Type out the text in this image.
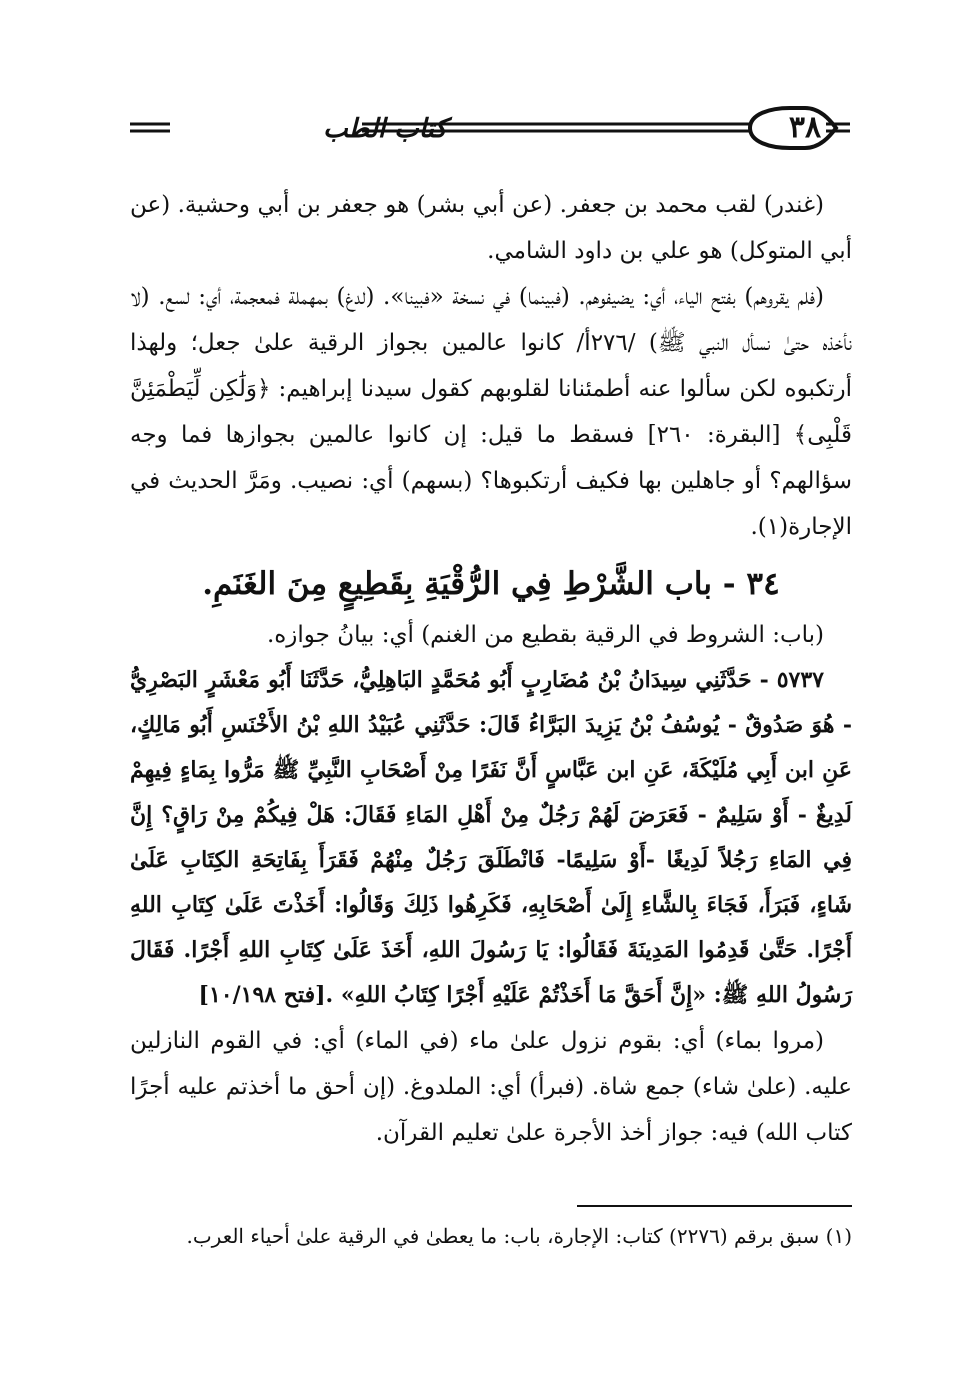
٣٨
كتاب الطب

(غندر) لقب محمد بن جعفر. (عن أبي بشر) هو جعفر بن أبي وحشية. (عن أبي المتوكل) هو علي بن داود الشامي.

(فلم يقروهم) بفتح الياء، أي: يضيفوهم. (فبينما) في نسخة «فبينا». (لدغ) بمهملة فمعجمة، أي: لسع. (لا نأخذه حتىٰ نسأل النبي ﷺ) /٢٧٦أ/ كانوا عالمين بجواز الرقية علىٰ جعل؛ ولهذا أرتكبوه لكن سألوا عنه أطمئنانا لقلوبهم كقول سيدنا إبراهيم: ﴿وَلَٰكِن لِّيَطْمَئِنَّ قَلْبِى﴾ [البقرة: ٢٦٠] فسقط ما قيل: إن كانوا عالمين بجوازها فما وجه سؤالهم؟ أو جاهلين بها فكيف أرتكبوها؟ (بسهم) أي: نصيب. ومَرَّ الحديث في الإجارة(١).

٣٤ - باب الشَّرْطِ فِي الرُّقْيَةِ بِقَطِيعٍ مِنَ الغَنَمِ.

(باب: الشروط في الرقية بقطيع من الغنم) أي: بيانُ جوازه.

٥٧٣٧ - حَدَّثَنِي سِيدَانُ بْنُ مُضَارِبٍ أَبُو مُحَمَّدٍ البَاهِلِيُّ، حَدَّثَنَا أَبُو مَعْشَرٍ البَصْرِيُّ - هُوَ صَدُوقٌ - يُوسُفُ بْنُ يَزِيدَ البَرَّاءُ قَالَ: حَدَّثَنِي عُبَيْدُ اللهِ بْنُ الأَخْنَسِ أَبُو مَالِكٍ، عَنِ ابن أَبِي مُلَيْكَةَ، عَنِ ابن عَبَّاسٍ أَنَّ نَفَرًا مِنْ أَصْحَابِ النَّبِيِّ ﷺ مَرُّوا بِمَاءٍ فِيهِمْ لَدِيغٌ - أَوْ سَلِيمٌ - فَعَرَضَ لَهُمْ رَجُلٌ مِنْ أَهْلِ المَاءِ فَقَالَ: هَلْ فِيكُمْ مِنْ رَاقٍ؟ إِنَّ فِي المَاءِ رَجُلاً لَدِيغًا -أَوْ سَلِيمًا- فَانْطَلَقَ رَجُلٌ مِنْهُمْ فَقَرَأَ بِفَاتِحَةِ الكِتَابِ عَلَىٰ شَاءٍ، فَبَرَأَ، فَجَاءَ بِالشَّاءِ إِلَىٰ أَصْحَابِهِ، فَكَرِهُوا ذَلِكَ وَقَالُوا: أَخَذْتَ عَلَىٰ كِتَابِ اللهِ أَجْرًا. حَتَّىٰ قَدِمُوا المَدِينَةَ فَقَالُوا: يَا رَسُولَ اللهِ، أَخَذَ عَلَىٰ كِتَابِ اللهِ أَجْرًا. فَقَالَ رَسُولُ اللهِ ﷺ: «إِنَّ أَحَقَّ مَا أَخَذْتُمْ عَلَيْهِ أَجْرًا كِتَابُ اللهِ» .[فتح ١٠/١٩٨]

(مروا بماء) أي: بقوم نزول علىٰ ماء (في الماء) أي: في القوم النازلين عليه. (علىٰ شاء) جمع شاة. (فبرأ) أي: الملدوغ. (إن أحق ما أخذتم عليه أجرًا كتاب الله) فيه: جواز أخذ الأجرة علىٰ تعليم القرآن.

(١) سبق برقم (٢٢٧٦) كتاب: الإجارة، باب: ما يعطىٰ في الرقية علىٰ أحياء العرب.
